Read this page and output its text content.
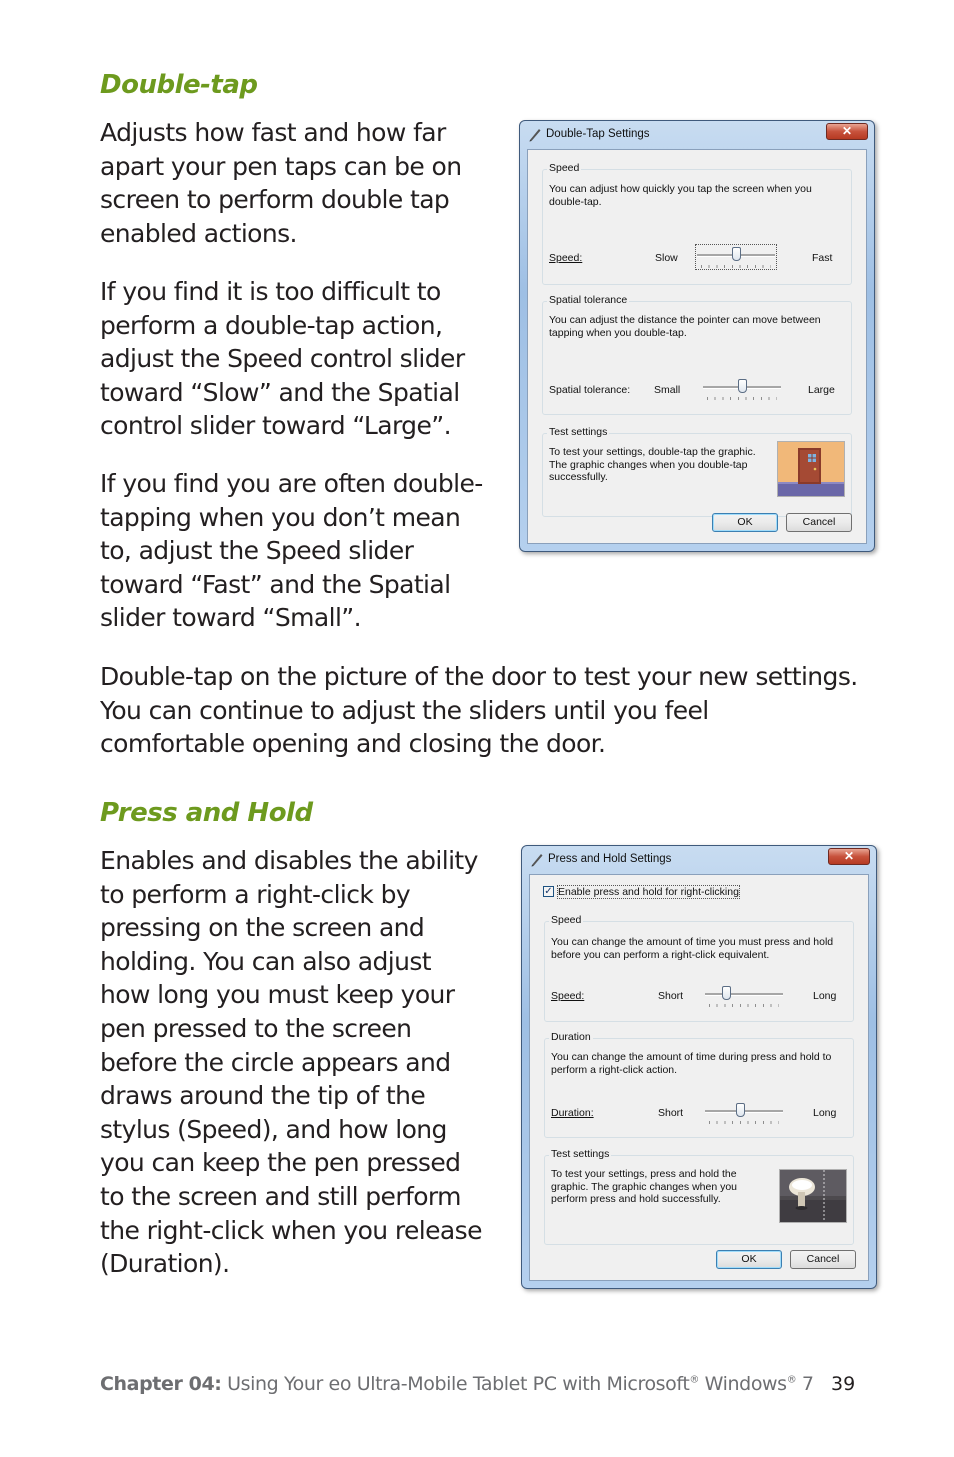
Double-tap

Adjusts how fast and how far apart your pen taps can be on screen to perform double tap enabled actions.

If you find it is too difficult to perform a double-tap action, adjust the Speed control slider toward “Slow” and the Spatial control slider toward “Large”.

If you find you are often double-tapping when you don’t mean to, adjust the Speed slider toward “Fast” and the Spatial slider toward “Small”.

Double-tap on the picture of the door to test your new settings. You can continue to adjust the sliders until you feel comfortable opening and closing the door.

Double-Tap Settings	✕
Speed
You can adjust how quickly you tap the screen when you double-tap.
Speed:	Slow	Fast
Spatial tolerance
You can adjust the distance the pointer can move between tapping when you double-tap.
Spatial tolerance: Small	Large
Test settings
To test your settings, double-tap the graphic. The graphic changes when you double-tap successfully.
OK	Cancel
Press and Hold

Enables and disables the ability to perform a right-click by pressing on the screen and holding. You can also adjust how long you must keep your pen pressed to the screen before the circle appears and draws around the tip of the stylus (Speed), and how long you can keep the pen pressed to the screen and still perform the right-click when you release (Duration).

Press and Hold Settings	✕
✓ Enable press and hold for right-clicking
Speed
You can change the amount of time you must press and hold before you can perform a right-click equivalent.
Speed:	Short	Long
Duration
You can change the amount of time during press and hold to perform a right-click action.
Duration:	Short	Long
Test settings
To test your settings, press and hold the graphic. The graphic changes when you perform press and hold successfully.
OK	Cancel

Chapter 04: Using Your eo Ultra-Mobile Tablet PC with Microsoft® Windows® 7 39
